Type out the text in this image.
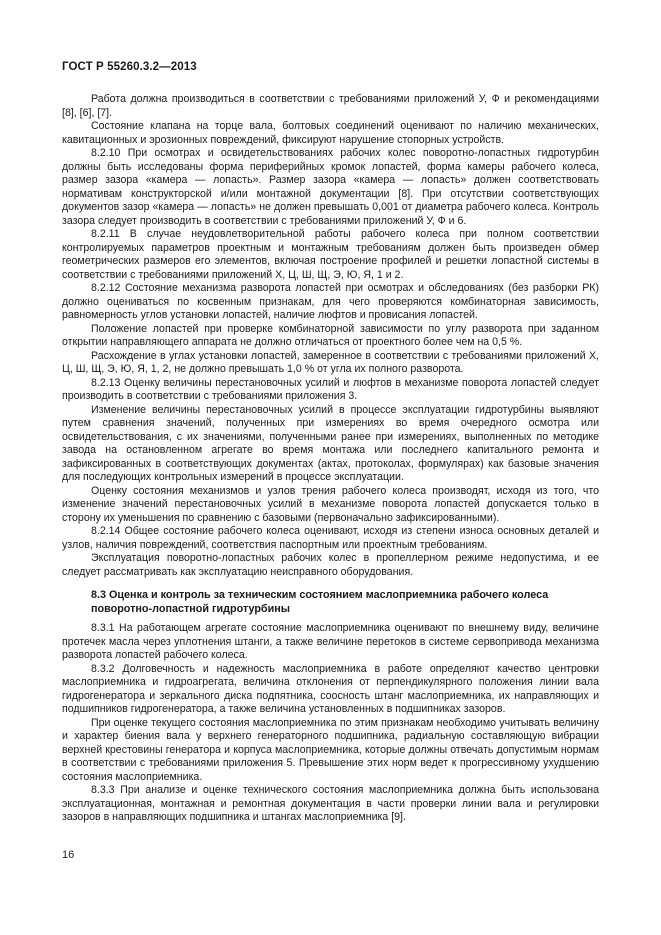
ГОСТ Р 55260.3.2—2013

Работа должна производиться в соответствии с требованиями приложений У, Ф и рекомендациями [8], [6], [7].

Состояние клапана на торце вала, болтовых соединений оценивают по наличию механических, кавитационных и эрозионных повреждений, фиксируют нарушение стопорных устройств.

8.2.10 При осмотрах и освидетельствованиях рабочих колес поворотно-лопастных гидротурбин должны быть исследованы форма периферийных кромок лопастей, форма камеры рабочего колеса, размер зазора «камера — лопасть». Размер зазора «камера — лопасть» должен соответствовать нормативам конструкторской и/или монтажной документации [8]. При отсутствии соответствующих документов зазор «камера — лопасть» не должен превышать 0,001 от диаметра рабочего колеса. Контроль зазора следует производить в соответствии с требованиями приложений У, Ф и 6.

8.2.11 В случае неудовлетворительной работы рабочего колеса при полном соответствии контролируемых параметров проектным и монтажным требованиям должен быть произведен обмер геометрических размеров его элементов, включая построение профилей и решетки лопастной системы в соответствии с требованиями приложений Х, Ц, Ш, Щ, Э, Ю, Я, 1 и 2.

8.2.12 Состояние механизма разворота лопастей при осмотрах и обследованиях (без разборки РК) должно оцениваться по косвенным признакам, для чего проверяются комбинаторная зависимость, равномерность углов установки лопастей, наличие люфтов и провисания лопастей.

Положение лопастей при проверке комбинаторной зависимости по углу разворота при заданном открытии направляющего аппарата не должно отличаться от проектного более чем на 0,5 %.

Расхождение в углах установки лопастей, замеренное в соответствии с требованиями приложений Х, Ц, Ш, Щ, Э, Ю, Я, 1, 2, не должно превышать 1,0 % от угла их полного разворота.

8.2.13 Оценку величины перестановочных усилий и люфтов в механизме поворота лопастей следует производить в соответствии с требованиями приложения 3.

Изменение величины перестановочных усилий в процессе эксплуатации гидротурбины выявляют путем сравнения значений, полученных при измерениях во время очередного осмотра или освидетельствования, с их значениями, полученными ранее при измерениях, выполненных по методике завода на остановленном агрегате во время монтажа или последнего капитального ремонта и зафиксированных в соответствующих документах (актах, протоколах, формулярах) как базовые значения для последующих контрольных измерений в процессе эксплуатации.

Оценку состояния механизмов и узлов трения рабочего колеса производят, исходя из того, что изменение значений перестановочных усилий в механизме поворота лопастей допускается только в сторону их уменьшения по сравнению с базовыми (первоначально зафиксированными).

8.2.14 Общее состояние рабочего колеса оценивают, исходя из степени износа основных деталей и узлов, наличия повреждений, соответствия паспортным или проектным требованиям.

Эксплуатация поворотно-лопастных рабочих колес в пропеллерном режиме недопустима, и ее следует рассматривать как эксплуатацию неисправного оборудования.

8.3 Оценка и контроль за техническим состоянием маслоприемника рабочего колеса поворотно-лопастной гидротурбины

8.3.1 На работающем агрегате состояние маслоприемника оценивают по внешнему виду, величине протечек масла через уплотнения штанги, а также величине перетоков в системе сервопривода механизма разворота лопастей рабочего колеса.

8.3.2 Долговечность и надежность маслоприемника в работе определяют качество центровки маслоприемника и гидроагрегата, величина отклонения от перпендикулярного положения линии вала гидрогенератора и зеркального диска подпятника, соосность штанг маслоприемника, их направляющих и подшипников гидрогенератора, а также величина установленных в подшипниках зазоров.

При оценке текущего состояния маслоприемника по этим признакам необходимо учитывать величину и характер биения вала у верхнего генераторного подшипника, радиальную составляющую вибрации верхней крестовины генератора и корпуса маслоприемника, которые должны отвечать допустимым нормам в соответствии с требованиями приложения 5. Превышение этих норм ведет к прогрессивному ухудшению состояния маслоприемника.

8.3.3 При анализе и оценке технического состояния маслоприемника должна быть использована эксплуатационная, монтажная и ремонтная документация в части проверки линии вала и регулировки зазоров в направляющих подшипника и штангах маслоприемника [9].

16
